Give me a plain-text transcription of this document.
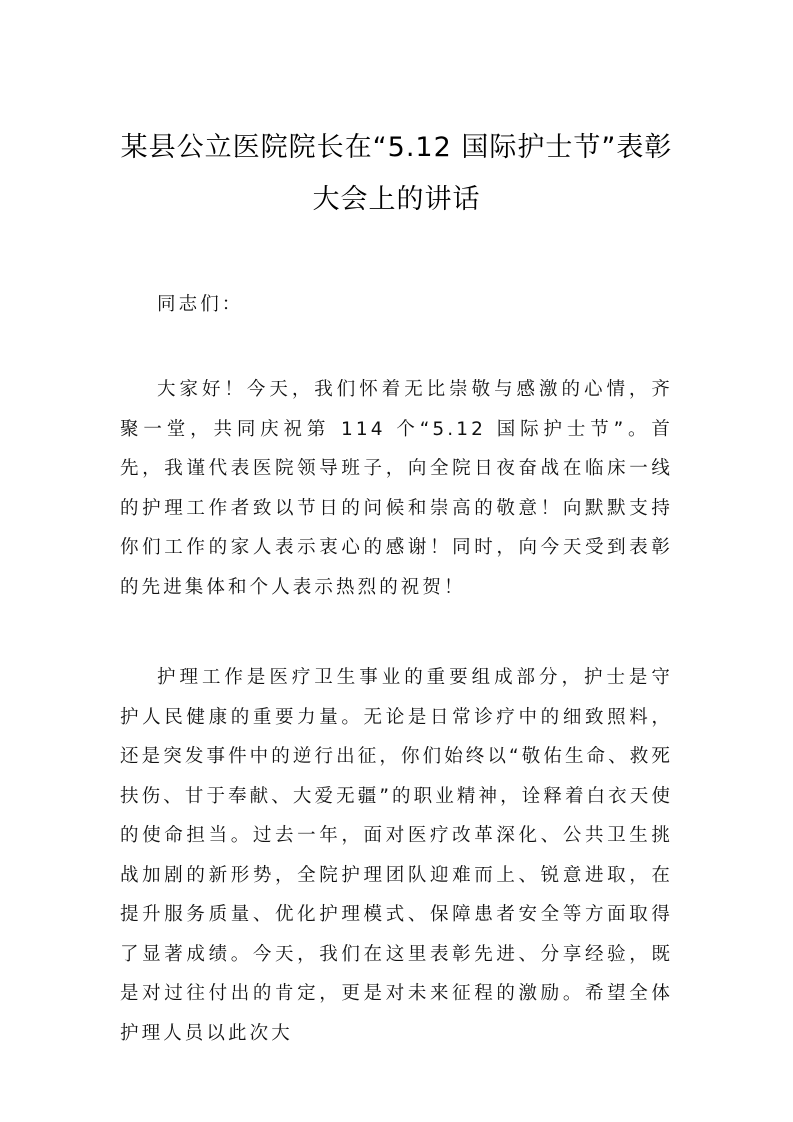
某县公立医院院长在“5.12 国际护士节”表彰大会上的讲话

同志们：

大家好！今天，我们怀着无比崇敬与感激的心情，齐聚一堂，共同庆祝第 114 个“5.12 国际护士节”。首先，我谨代表医院领导班子，向全院日夜奋战在临床一线的护理工作者致以节日的问候和崇高的敬意！向默默支持你们工作的家人表示衷心的感谢！同时，向今天受到表彰的先进集体和个人表示热烈的祝贺！

护理工作是医疗卫生事业的重要组成部分，护士是守护人民健康的重要力量。无论是日常诊疗中的细致照料，还是突发事件中的逆行出征，你们始终以“敬佑生命、救死扶伤、甘于奉献、大爱无疆”的职业精神，诠释着白衣天使的使命担当。过去一年，面对医疗改革深化、公共卫生挑战加剧的新形势，全院护理团队迎难而上、锐意进取，在提升服务质量、优化护理模式、保障患者安全等方面取得了显著成绩。今天，我们在这里表彰先进、分享经验，既是对过往付出的肯定，更是对未来征程的激励。希望全体护理人员以此次大
